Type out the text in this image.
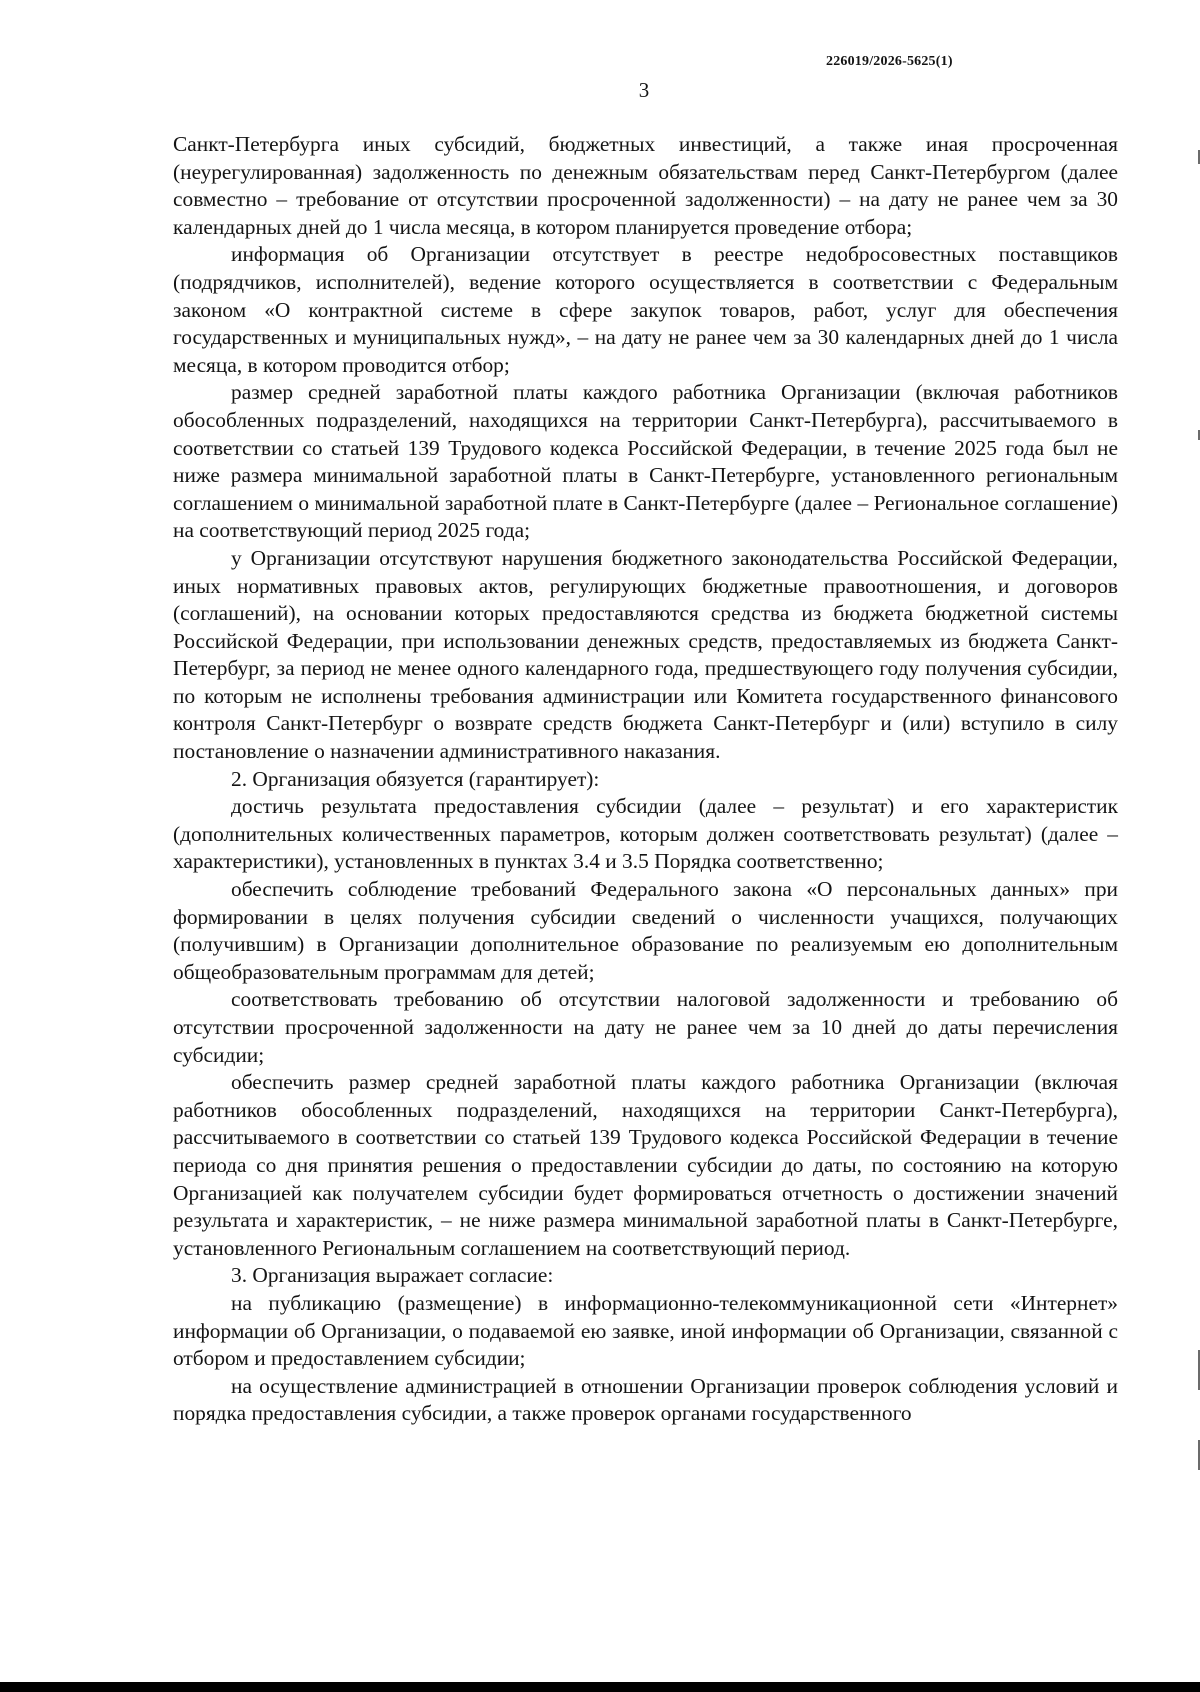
226019/2026-5625(1)
3

Санкт-Петербурга иных субсидий, бюджетных инвестиций, а также иная просроченная (неурегулированная) задолженность по денежным обязательствам перед Санкт-Петербургом (далее совместно – требование от отсутствии просроченной задолженности) – на дату не ранее чем за 30 календарных дней до 1 числа месяца, в котором планируется проведение отбора;

информация об Организации отсутствует в реестре недобросовестных поставщиков (подрядчиков, исполнителей), ведение которого осуществляется в соответствии с Федеральным законом «О контрактной системе в сфере закупок товаров, работ, услуг для обеспечения государственных и муниципальных нужд», – на дату не ранее чем за 30 календарных дней до 1 числа месяца, в котором проводится отбор;

размер средней заработной платы каждого работника Организации (включая работников обособленных подразделений, находящихся на территории Санкт-Петербурга), рассчитываемого в соответствии со статьей 139 Трудового кодекса Российской Федерации, в течение 2025 года был не ниже размера минимальной заработной платы в Санкт-Петербурге, установленного региональным соглашением о минимальной заработной плате в Санкт-Петербурге (далее – Региональное соглашение) на соответствующий период 2025 года;

у Организации отсутствуют нарушения бюджетного законодательства Российской Федерации, иных нормативных правовых актов, регулирующих бюджетные правоотношения, и договоров (соглашений), на основании которых предоставляются средства из бюджета бюджетной системы Российской Федерации, при использовании денежных средств, предоставляемых из бюджета Санкт-Петербург, за период не менее одного календарного года, предшествующего году получения субсидии, по которым не исполнены требования администрации или Комитета государственного финансового контроля Санкт-Петербург о возврате средств бюджета Санкт-Петербург и (или) вступило в силу постановление о назначении административного наказания.

2. Организация обязуется (гарантирует):

достичь результата предоставления субсидии (далее – результат) и его характеристик (дополнительных количественных параметров, которым должен соответствовать результат) (далее – характеристики), установленных в пунктах 3.4 и 3.5 Порядка соответственно;

обеспечить соблюдение требований Федерального закона «О персональных данных» при формировании в целях получения субсидии сведений о численности учащихся, получающих (получившим) в Организации дополнительное образование по реализуемым ею дополнительным общеобразовательным программам для детей;

соответствовать требованию об отсутствии налоговой задолженности и требованию об отсутствии просроченной задолженности на дату не ранее чем за 10 дней до даты перечисления субсидии;

обеспечить размер средней заработной платы каждого работника Организации (включая работников обособленных подразделений, находящихся на территории Санкт-Петербурга), рассчитываемого в соответствии со статьей 139 Трудового кодекса Российской Федерации в течение периода со дня принятия решения о предоставлении субсидии до даты, по состоянию на которую Организацией как получателем субсидии будет формироваться отчетность о достижении значений результата и характеристик, – не ниже размера минимальной заработной платы в Санкт-Петербурге, установленного Региональным соглашением на соответствующий период.

3. Организация выражает согласие:

на публикацию (размещение) в информационно-телекоммуникационной сети «Интернет» информации об Организации, о подаваемой ею заявке, иной информации об Организации, связанной с отбором и предоставлением субсидии;

на осуществление администрацией в отношении Организации проверок соблюдения условий и порядка предоставления субсидии, а также проверок органами государственного
